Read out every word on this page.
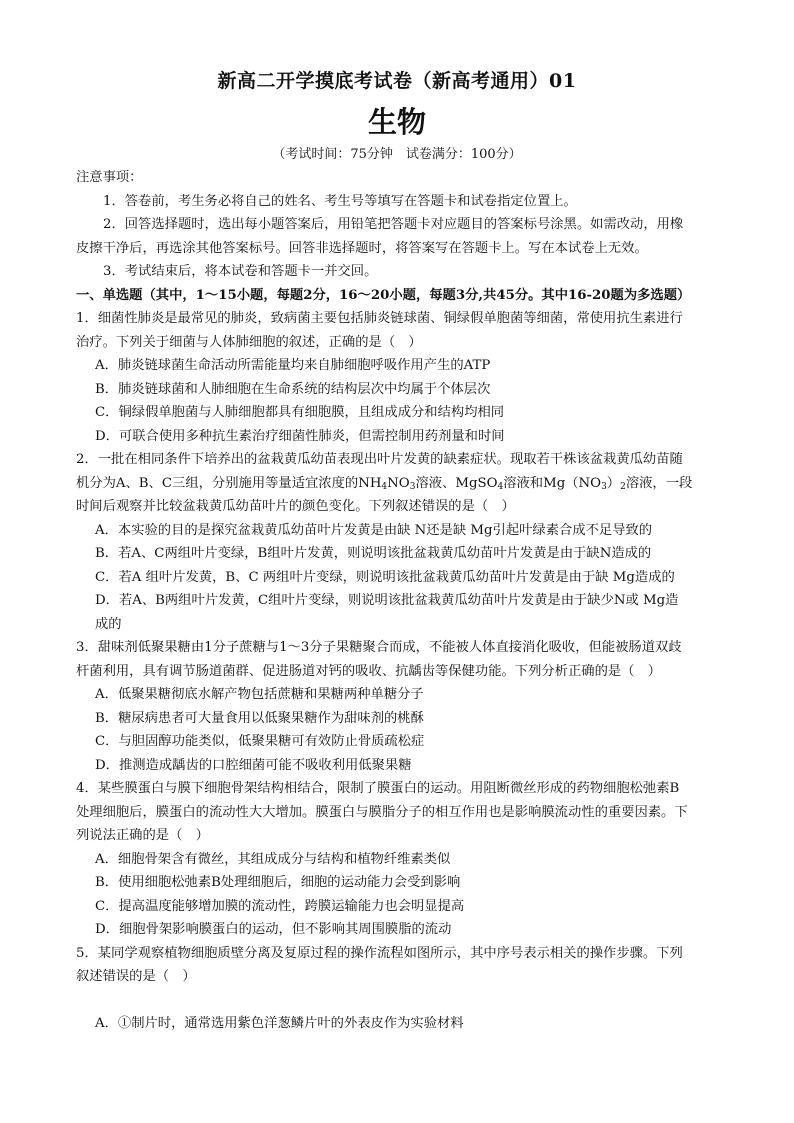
新高二开学摸底考试卷（新高考通用）01
生物
（考试时间：75分钟　试卷满分：100分）
注意事项：
1．答卷前，考生务必将自己的姓名、考生号等填写在答题卡和试卷指定位置上。
2．回答选择题时，选出每小题答案后，用铅笔把答题卡对应题目的答案标号涂黑。如需改动，用橡
皮擦干净后，再选涂其他答案标号。回答非选择题时，将答案写在答题卡上。写在本试卷上无效。
3．考试结束后，将本试卷和答题卡一并交回。
一、单选题（其中，1～15小题，每题2分，16～20小题，每题3分,共45分。其中16-20题为多选题）
1．细菌性肺炎是最常见的肺炎，致病菌主要包括肺炎链球菌、铜绿假单胞菌等细菌，常使用抗生素进行
治疗。下列关于细菌与人体肺细胞的叙述，正确的是（　）
A．肺炎链球菌生命活动所需能量均来自肺细胞呼吸作用产生的ATP
B．肺炎链球菌和人肺细胞在生命系统的结构层次中均属于个体层次
C．铜绿假单胞菌与人肺细胞都具有细胞膜，且组成成分和结构均相同
D．可联合使用多种抗生素治疗细菌性肺炎，但需控制用药剂量和时间
2．一批在相同条件下培养出的盆栽黄瓜幼苗表现出叶片发黄的缺素症状。现取若干株该盆栽黄瓜幼苗随
机分为A、B、C三组，分别施用等量适宜浓度的$NH_4NO_3$溶液、MgSO$_4$溶液和$Mg(NO_3)_2$溶液，一段
时间后观察并比较盆栽黄瓜幼苗叶片的颜色变化。下列叙述错误的是（　）
A．本实验的目的是探究盆栽黄瓜幼苗叶片发黄是由缺 N还是缺 Mg引起叶绿素合成不足导致的
B．若A、C两组叶片变绿，B组叶片发黄，则说明该批盆栽黄瓜幼苗叶片发黄是由于缺N造成的
C．若A 组叶片发黄，B、C 两组叶片变绿，则说明该批盆栽黄瓜幼苗叶片发黄是由于缺 Mg造成的
D．若A、B两组叶片发黄，C组叶片变绿，则说明该批盆栽黄瓜幼苗叶片发黄是由于缺少N或 Mg造
成的
3．甜味剂低聚果糖由1分子蔗糖与1～3分子果糖聚合而成，不能被人体直接消化吸收，但能被肠道双歧
杆菌利用，具有调节肠道菌群、促进肠道对钙的吸收、抗龋齿等保健功能。下列分析正确的是（　）
A．低聚果糖彻底水解产物包括蔗糖和果糖两种单糖分子
B．糖尿病患者可大量食用以低聚果糖作为甜味剂的桃酥
C．与胆固醇功能类似，低聚果糖可有效防止骨质疏松症
D．推测造成龋齿的口腔细菌可能不吸收利用低聚果糖
4．某些膜蛋白与膜下细胞骨架结构相结合，限制了膜蛋白的运动。用阻断微丝形成的药物细胞松弛素B
处理细胞后，膜蛋白的流动性大大增加。膜蛋白与膜脂分子的相互作用也是影响膜流动性的重要因素。下
列说法正确的是（　）
A．细胞骨架含有微丝，其组成成分与结构和植物纤维素类似
B．使用细胞松弛素B处理细胞后，细胞的运动能力会受到影响
C．提高温度能够增加膜的流动性，跨膜运输能力也会明显提高
D．细胞骨架影响膜蛋白的运动，但不影响其周围膜脂的流动
5．某同学观察植物细胞质壁分离及复原过程的操作流程如图所示，其中序号表示相关的操作步骤。下列
叙述错误的是（　）
A．①制片时，通常选用紫色洋葱鳞片叶的外表皮作为实验材料
